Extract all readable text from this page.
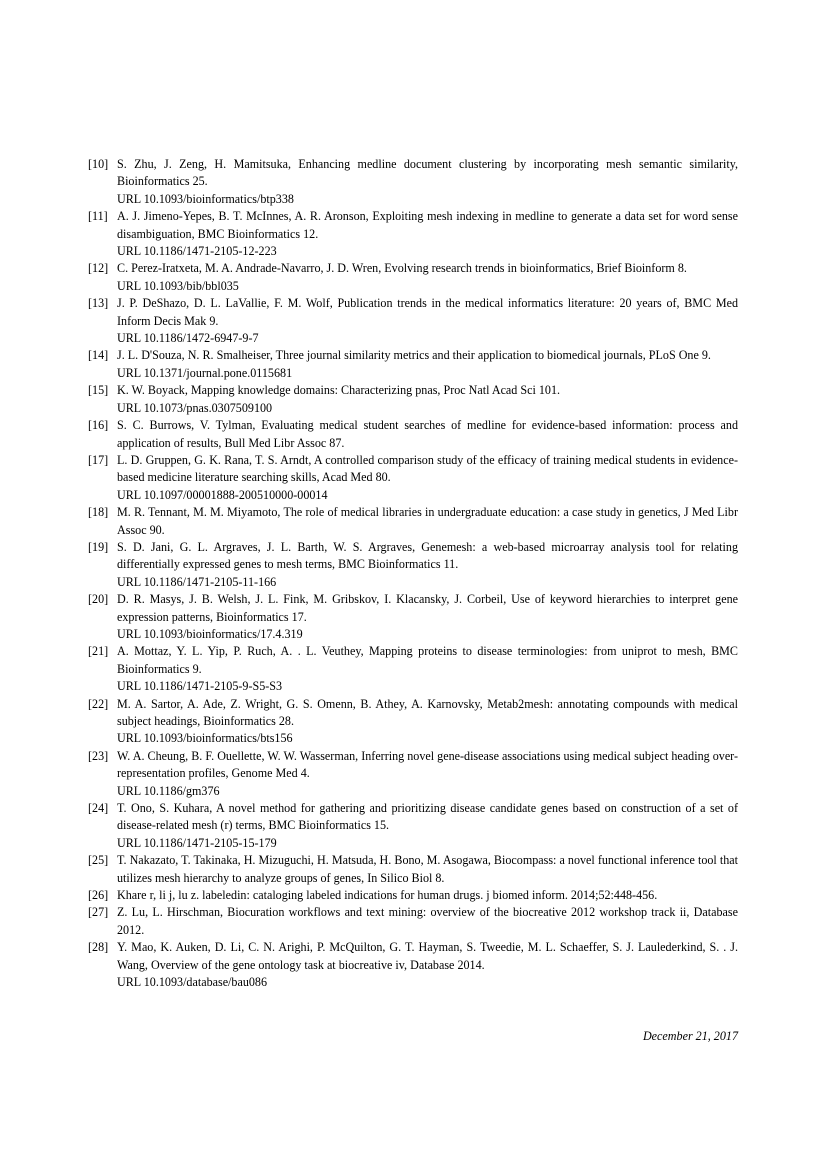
[10] S. Zhu, J. Zeng, H. Mamitsuka, Enhancing medline document clustering by incorporating mesh semantic similarity, Bioinformatics 25.

URL 10.1093/bioinformatics/btp338

[11] A. J. Jimeno-Yepes, B. T. McInnes, A. R. Aronson, Exploiting mesh indexing in medline to generate a data set for word sense disambiguation, BMC Bioinformatics 12.

URL 10.1186/1471-2105-12-223

[12] C. Perez-Iratxeta, M. A. Andrade-Navarro, J. D. Wren, Evolving research trends in bioinformatics, Brief Bioinform 8.

URL 10.1093/bib/bbl035

[13] J. P. DeShazo, D. L. LaVallie, F. M. Wolf, Publication trends in the medical informatics literature: 20 years of, BMC Med Inform Decis Mak 9.

URL 10.1186/1472-6947-9-7

[14] J. L. D'Souza, N. R. Smalheiser, Three journal similarity metrics and their application to biomedical journals, PLoS One 9.

URL 10.1371/journal.pone.0115681

[15] K. W. Boyack, Mapping knowledge domains: Characterizing pnas, Proc Natl Acad Sci 101.

URL 10.1073/pnas.0307509100

[16] S. C. Burrows, V. Tylman, Evaluating medical student searches of medline for evidence-based information: process and application of results, Bull Med Libr Assoc 87.

[17] L. D. Gruppen, G. K. Rana, T. S. Arndt, A controlled comparison study of the efficacy of training medical students in evidence-based medicine literature searching skills, Acad Med 80.

URL 10.1097/00001888-200510000-00014

[18] M. R. Tennant, M. M. Miyamoto, The role of medical libraries in undergraduate education: a case study in genetics, J Med Libr Assoc 90.

[19] S. D. Jani, G. L. Argraves, J. L. Barth, W. S. Argraves, Genemesh: a web-based microarray analysis tool for relating differentially expressed genes to mesh terms, BMC Bioinformatics 11.

URL 10.1186/1471-2105-11-166

[20] D. R. Masys, J. B. Welsh, J. L. Fink, M. Gribskov, I. Klacansky, J. Corbeil, Use of keyword hierarchies to interpret gene expression patterns, Bioinformatics 17.

URL 10.1093/bioinformatics/17.4.319

[21] A. Mottaz, Y. L. Yip, P. Ruch, A. . L. Veuthey, Mapping proteins to disease terminologies: from uniprot to mesh, BMC Bioinformatics 9.

URL 10.1186/1471-2105-9-S5-S3

[22] M. A. Sartor, A. Ade, Z. Wright, G. S. Omenn, B. Athey, A. Karnovsky, Metab2mesh: annotating compounds with medical subject headings, Bioinformatics 28.

URL 10.1093/bioinformatics/bts156

[23] W. A. Cheung, B. F. Ouellette, W. W. Wasserman, Inferring novel gene-disease associations using medical subject heading over-representation profiles, Genome Med 4.

URL 10.1186/gm376

[24] T. Ono, S. Kuhara, A novel method for gathering and prioritizing disease candidate genes based on construction of a set of disease-related mesh (r) terms, BMC Bioinformatics 15.

URL 10.1186/1471-2105-15-179

[25] T. Nakazato, T. Takinaka, H. Mizuguchi, H. Matsuda, H. Bono, M. Asogawa, Biocompass: a novel functional inference tool that utilizes mesh hierarchy to analyze groups of genes, In Silico Biol 8.

[26] Khare r, li j, lu z. labeledin: cataloging labeled indications for human drugs. j biomed inform. 2014;52:448-456.

[27] Z. Lu, L. Hirschman, Biocuration workflows and text mining: overview of the biocreative 2012 workshop track ii, Database 2012.

[28] Y. Mao, K. Auken, D. Li, C. N. Arighi, P. McQuilton, G. T. Hayman, S. Tweedie, M. L. Schaeffer, S. J. Laulederkind, S. . J. Wang, Overview of the gene ontology task at biocreative iv, Database 2014.

URL 10.1093/database/bau086

December 21, 2017
